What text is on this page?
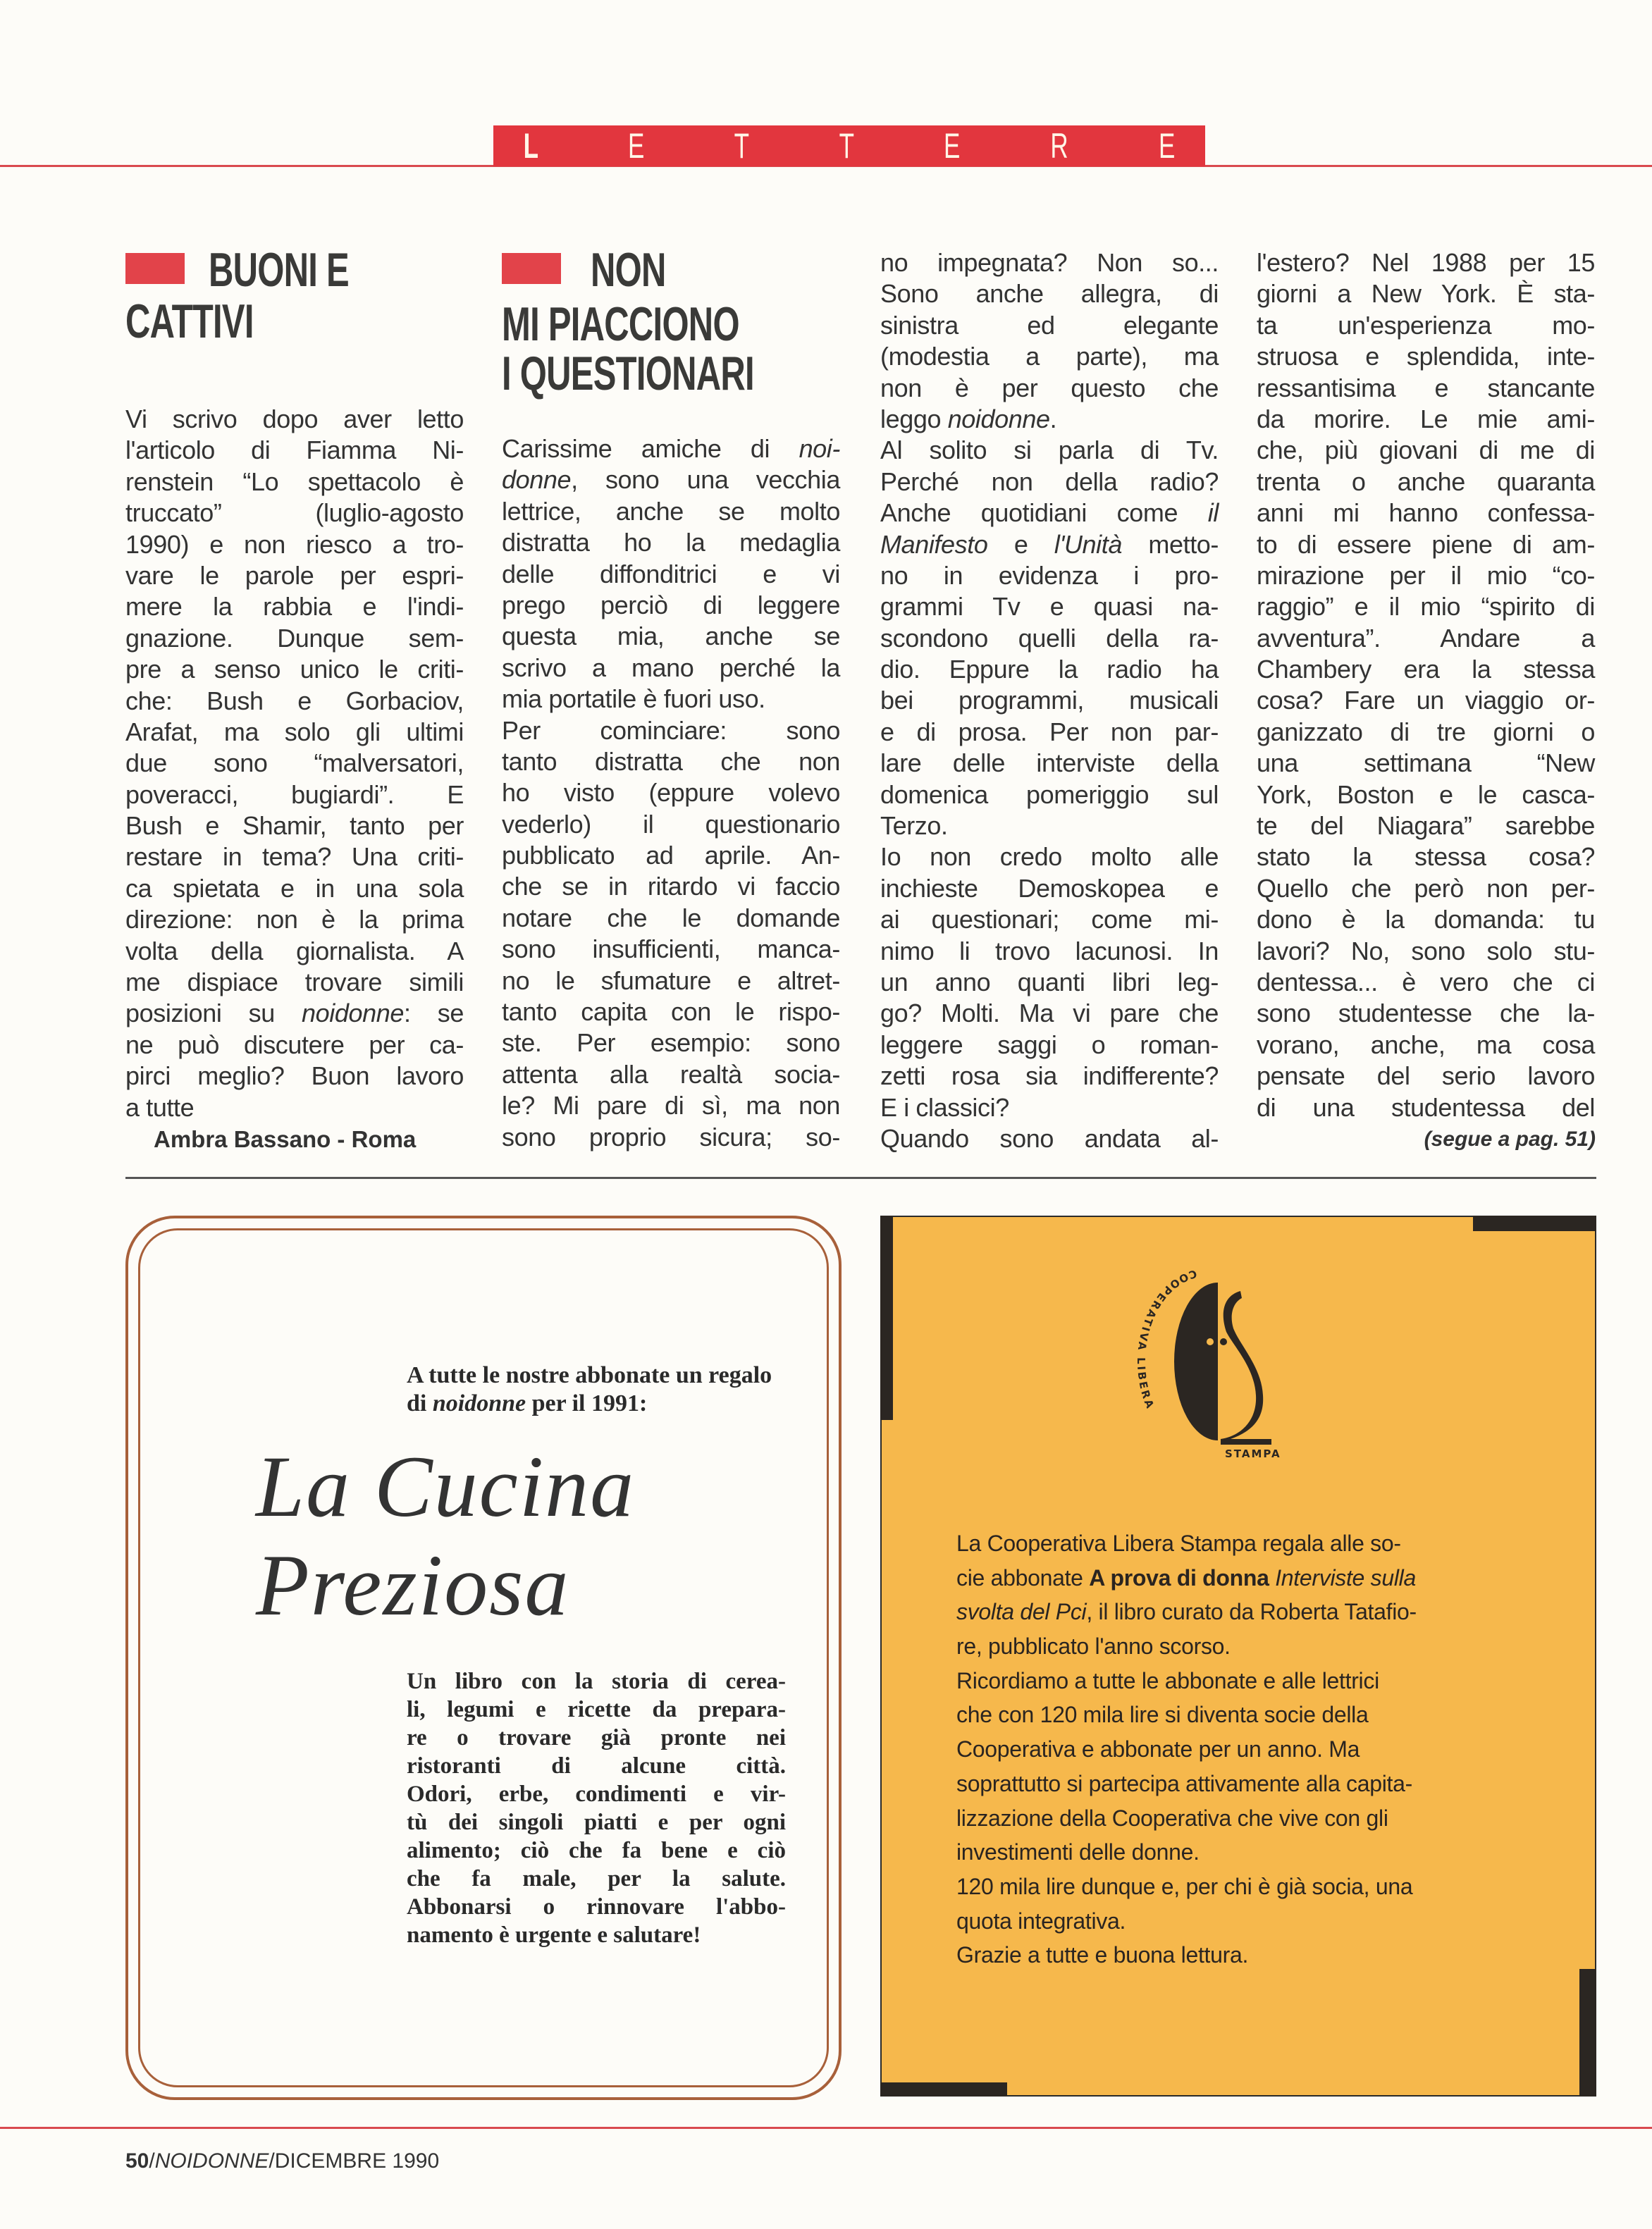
L	E	T	T	E	R	E
BUONI E
CATTIVI
NON
MI PIACCIONO
I QUESTIONARI
Vi scrivo dopo aver letto
l'articolo di Fiamma Ni-
renstein “Lo spettacolo è
truccato” (luglio-agosto
1990) e non riesco a tro-
vare le parole per espri-
mere la rabbia e l'indi-
gnazione. Dunque sem-
pre a senso unico le criti-
che: Bush e Gorbaciov,
Arafat, ma solo gli ultimi
due sono “malversatori,
poveracci, bugiardi”. E
Bush e Shamir, tanto per
restare in tema? Una criti-
ca spietata e in una sola
direzione: non è la prima
volta della giornalista. A
me dispiace trovare simili
posizioni su noidonne: se
ne può discutere per ca-
pirci meglio? Buon lavoro
a tutte
Carissime amiche di noi-
donne, sono una vecchia
lettrice, anche se molto
distratta ho la medaglia
delle diffonditrici e vi
prego perciò di leggere
questa mia, anche se
scrivo a mano perché la
mia portatile è fuori uso.
Per cominciare: sono
tanto distratta che non
ho visto (eppure volevo
vederlo) il questionario
pubblicato ad aprile. An-
che se in ritardo vi faccio
notare che le domande
sono insufficienti, manca-
no le sfumature e altret-
tanto capita con le rispo-
ste. Per esempio: sono
attenta alla realtà socia-
le? Mi pare di sì, ma non
sono proprio sicura; so-
no impegnata? Non so...
Sono anche allegra, di
sinistra ed elegante
(modestia a parte), ma
non è per questo che
leggo noidonne.
Al solito si parla di Tv.
Perché non della radio?
Anche quotidiani come il
Manifesto e l'Unità metto-
no in evidenza i pro-
grammi Tv e quasi na-
scondono quelli della ra-
dio. Eppure la radio ha
bei programmi, musicali
e di prosa. Per non par-
lare delle interviste della
domenica pomeriggio sul
Terzo.
Io non credo molto alle
inchieste Demoskopea e
ai questionari; come mi-
nimo li trovo lacunosi. In
un anno quanti libri leg-
go? Molti. Ma vi pare che
leggere saggi o roman-
zetti rosa sia indifferente?
E i classici?
Quando sono andata al-
l'estero? Nel 1988 per 15
giorni a New York. È sta-
ta un'esperienza mo-
struosa e splendida, inte-
ressantisima e stancante
da morire. Le mie ami-
che, più giovani di me di
trenta o anche quaranta
anni mi hanno confessa-
to di essere piene di am-
mirazione per il mio “co-
raggio” e il mio “spirito di
avventura”. Andare a
Chambery era la stessa
cosa? Fare un viaggio or-
ganizzato di tre giorni o
una settimana “New
York, Boston e le casca-
te del Niagara” sarebbe
stato la stessa cosa?
Quello che però non per-
dono è la domanda: tu
lavori? No, sono solo stu-
dentessa... è vero che ci
sono studentesse che la-
vorano, anche, ma cosa
pensate del serio lavoro
di una studentessa del
Ambra Bassano - Roma	(segue a pag. 51)
A tutte le nostre abbonate un regalo di noidonne per il 1991:
La Cucina
Preziosa
Un libro con la storia di cerea-
li, legumi e ricette da prepara-
re o trovare già pronte nei
ristoranti di alcune città.
Odori, erbe, condimenti e vir-
tù dei singoli piatti e per ogni
alimento; ciò che fa bene e ciò
che fa male, per la salute.
Abbonarsi o rinnovare l'abbo-
namento è urgente e salutare!
COOPERATIVA LIBERA
STAMPA
La Cooperativa Libera Stampa regala alle so-
cie abbonate A prova di donna Interviste sulla
svolta del Pci, il libro curato da Roberta Tatafio-
re, pubblicato l'anno scorso.
Ricordiamo a tutte le abbonate e alle lettrici
che con 120 mila lire si diventa socie della
Cooperativa e abbonate per un anno. Ma
soprattutto si partecipa attivamente alla capita-
lizzazione della Cooperativa che vive con gli
investimenti delle donne.
120 mila lire dunque e, per chi è già socia, una
quota integrativa.
Grazie a tutte e buona lettura.
50/NOIDONNE/DICEMBRE 1990
